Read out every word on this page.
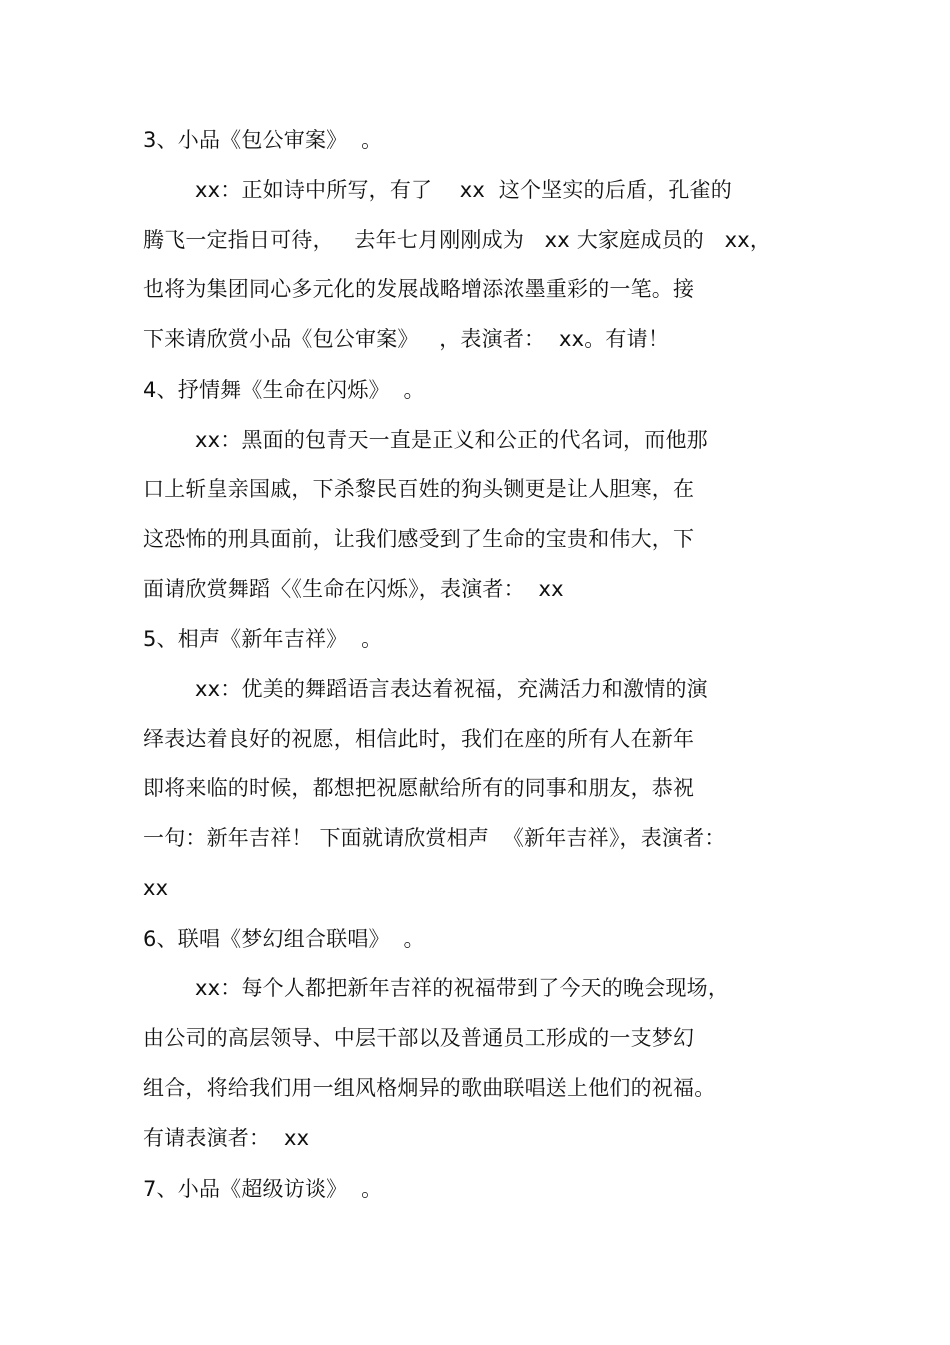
3、小品《包公审案》  。
xx：正如诗中所写，有了    xx  这个坚实的后盾，孔雀的
腾飞一定指日可待，   去年七月刚刚成为   xx 大家庭成员的   xx，
也将为集团同心多元化的发展战略增添浓墨重彩的一笔。接
下来请欣赏小品《包公审案》   ，表演者：  xx。有请！
4、抒情舞《生命在闪烁》  。
xx：黑面的包青天一直是正义和公正的代名词，而他那
口上斩皇亲国戚，下杀黎民百姓的狗头铡更是让人胆寒，在
这恐怖的刑具面前，让我们感受到了生命的宝贵和伟大，下
面请欣赏舞蹈〈《生命在闪烁》，表演者：  xx
5、相声《新年吉祥》  。
xx：优美的舞蹈语言表达着祝福，充满活力和激情的演
绎表达着良好的祝愿，相信此时，我们在座的所有人在新年
即将来临的时候，都想把祝愿献给所有的同事和朋友，恭祝
一句：新年吉祥！ 下面就请欣赏相声  《新年吉祥》，表演者：
xx
6、联唱《梦幻组合联唱》  。
xx：每个人都把新年吉祥的祝福带到了今天的晚会现场，
由公司的高层领导、中层干部以及普通员工形成的一支梦幻
组合，将给我们用一组风格炯异的歌曲联唱送上他们的祝福。
有请表演者：  xx
7、小品《超级访谈》  。
